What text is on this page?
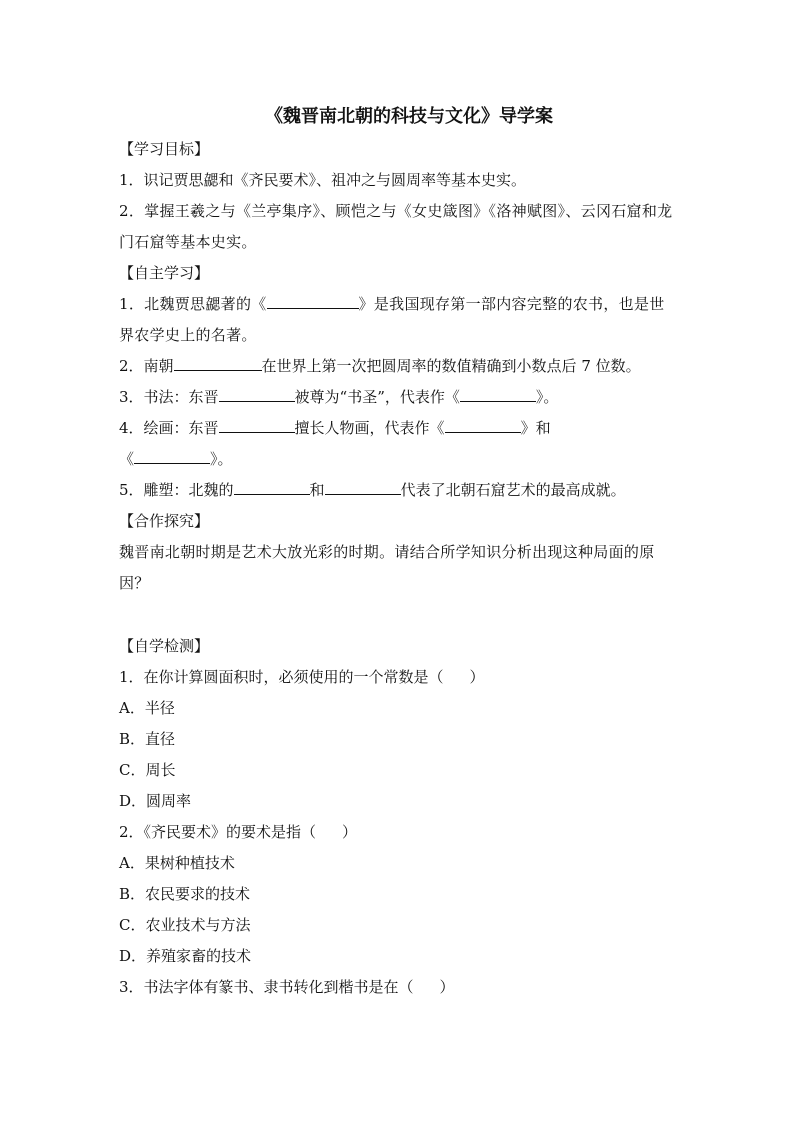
《魏晋南北朝的科技与文化》导学案
【学习目标】
1．识记贾思勰和《齐民要术》、祖冲之与圆周率等基本史实。
2．掌握王羲之与《兰亭集序》、顾恺之与《女史箴图》《洛神赋图》、云冈石窟和龙门石窟等基本史实。
【自主学习】
1．北魏贾思勰著的《	》是我国现存第一部内容完整的农书，也是世界农学史上的名著。
2．南朝	在世界上第一次把圆周率的数值精确到小数点后 7 位数。
3．书法：东晋	被尊为“书圣”，代表作《	》。
4．绘画：东晋	擅长人物画，代表作《	》和
《	》。
5．雕塑：北魏的	和	代表了北朝石窟艺术的最高成就。
【合作探究】
魏晋南北朝时期是艺术大放光彩的时期。请结合所学知识分析出现这种局面的原因？
【自学检测】
1．在你计算圆面积时，必须使用的一个常数是（ ）
A．半径
B．直径
C．周长
D．圆周率
2．《齐民要术》的要术是指（ ）
A．果树种植技术
B．农民要求的技术
C．农业技术与方法
D．养殖家畜的技术
3．书法字体有篆书、隶书转化到楷书是在（ ）
